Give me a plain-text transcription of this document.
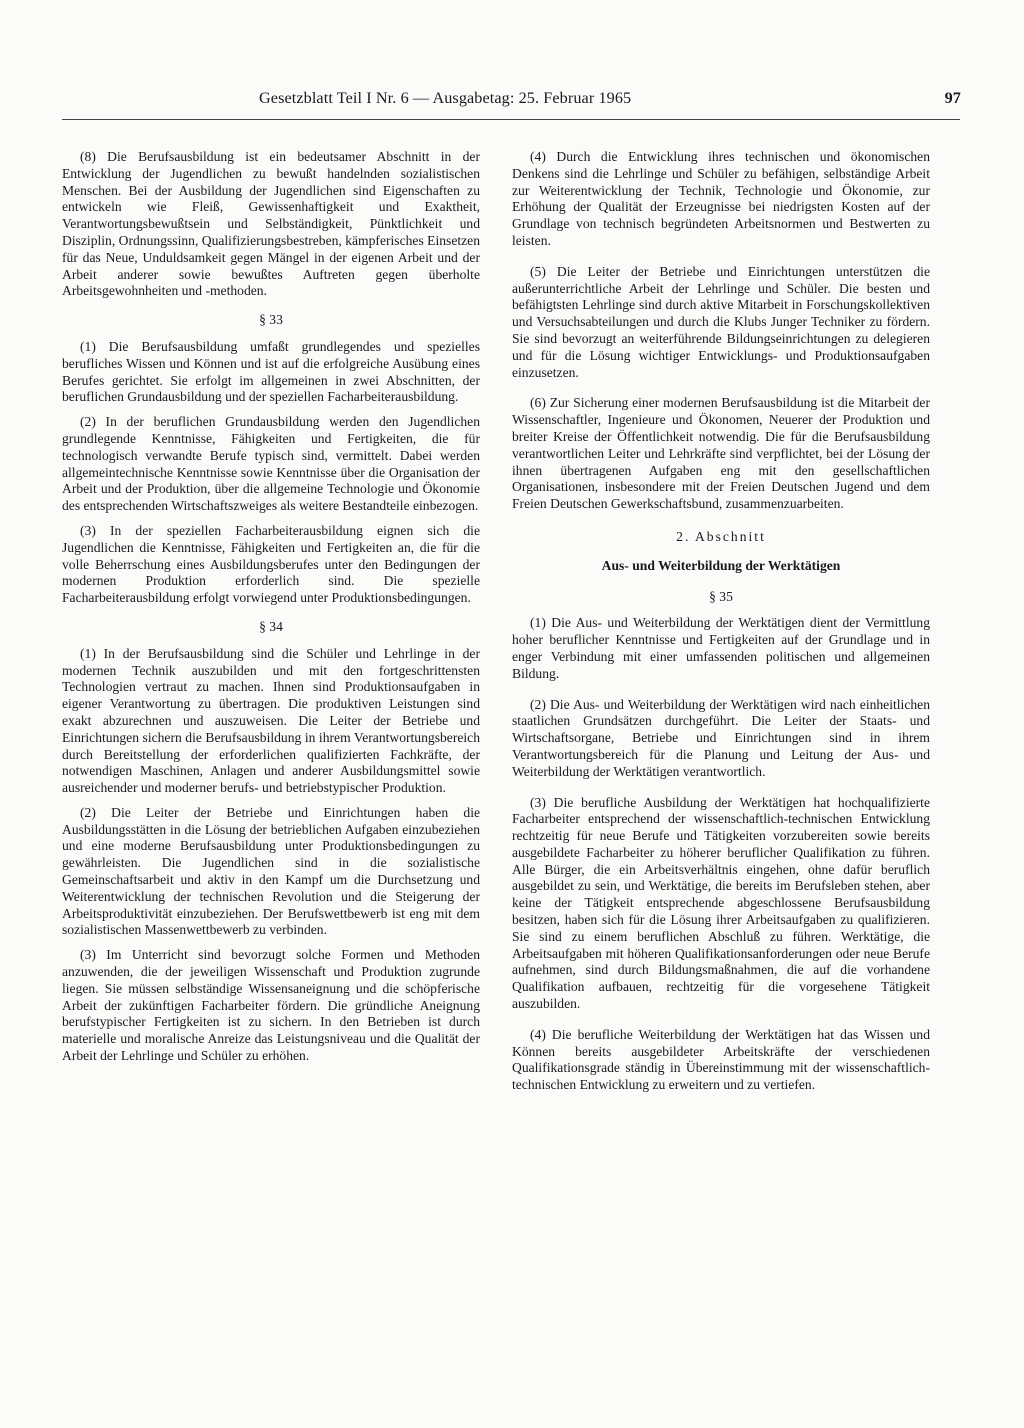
Gesetzblatt Teil I Nr. 6 — Ausgabetag: 25. Februar 1965	97

(8) Die Berufsausbildung ist ein bedeutsamer Abschnitt in der Entwicklung der Jugendlichen zu bewußt handelnden sozialistischen Menschen. Bei der Ausbildung der Jugendlichen sind Eigenschaften zu entwickeln wie Fleiß, Gewissenhaftigkeit und Exaktheit, Verantwortungsbewußtsein und Selbständigkeit, Pünktlichkeit und Disziplin, Ordnungssinn, Qualifizierungsbestreben, kämpferisches Einsetzen für das Neue, Unduldsamkeit gegen Mängel in der eigenen Arbeit und der Arbeit anderer sowie bewußtes Auftreten gegen überholte Arbeitsgewohnheiten und -methoden.

§ 33

(1) Die Berufsausbildung umfaßt grundlegendes und spezielles berufliches Wissen und Können und ist auf die erfolgreiche Ausübung eines Berufes gerichtet. Sie erfolgt im allgemeinen in zwei Abschnitten, der beruflichen Grundausbildung und der speziellen Facharbeiterausbildung.

(2) In der beruflichen Grundausbildung werden den Jugendlichen grundlegende Kenntnisse, Fähigkeiten und Fertigkeiten, die für technologisch verwandte Berufe typisch sind, vermittelt. Dabei werden allgemeintechnische Kenntnisse sowie Kenntnisse über die Organisation der Arbeit und der Produktion, über die allgemeine Technologie und Ökonomie des entsprechenden Wirtschaftszweiges als weitere Bestandteile einbezogen.

(3) In der speziellen Facharbeiterausbildung eignen sich die Jugendlichen die Kenntnisse, Fähigkeiten und Fertigkeiten an, die für die volle Beherrschung eines Ausbildungsberufes unter den Bedingungen der modernen Produktion erforderlich sind. Die spezielle Facharbeiterausbildung erfolgt vorwiegend unter Produktionsbedingungen.

§ 34

(1) In der Berufsausbildung sind die Schüler und Lehrlinge in der modernen Technik auszubilden und mit den fortgeschrittensten Technologien vertraut zu machen. Ihnen sind Produktionsaufgaben in eigener Verantwortung zu übertragen. Die produktiven Leistungen sind exakt abzurechnen und auszuweisen. Die Leiter der Betriebe und Einrichtungen sichern die Berufsausbildung in ihrem Verantwortungsbereich durch Bereitstellung der erforderlichen qualifizierten Fachkräfte, der notwendigen Maschinen, Anlagen und anderer Ausbildungsmittel sowie ausreichender und moderner berufs- und betriebstypischer Produktion.

(2) Die Leiter der Betriebe und Einrichtungen haben die Ausbildungsstätten in die Lösung der betrieblichen Aufgaben einzubeziehen und eine moderne Berufsausbildung unter Produktionsbedingungen zu gewährleisten. Die Jugendlichen sind in die sozialistische Gemeinschaftsarbeit und aktiv in den Kampf um die Durchsetzung und Weiterentwicklung der technischen Revolution und die Steigerung der Arbeitsproduktivität einzubeziehen. Der Berufswettbewerb ist eng mit dem sozialistischen Massenwettbewerb zu verbinden.

(3) Im Unterricht sind bevorzugt solche Formen und Methoden anzuwenden, die der jeweiligen Wissenschaft und Produktion zugrunde liegen. Sie müssen selbständige Wissensaneignung und die schöpferische Arbeit der zukünftigen Facharbeiter fördern. Die gründliche Aneignung berufstypischer Fertigkeiten ist zu sichern. In den Betrieben ist durch materielle und moralische Anreize das Leistungsniveau und die Qualität der Arbeit der Lehrlinge und Schüler zu erhöhen.

(4) Durch die Entwicklung ihres technischen und ökonomischen Denkens sind die Lehrlinge und Schüler zu befähigen, selbständige Arbeit zur Weiterentwicklung der Technik, Technologie und Ökonomie, zur Erhöhung der Qualität der Erzeugnisse bei niedrigsten Kosten auf der Grundlage von technisch begründeten Arbeitsnormen und Bestwerten zu leisten.

(5) Die Leiter der Betriebe und Einrichtungen unterstützen die außerunterrichtliche Arbeit der Lehrlinge und Schüler. Die besten und befähigtsten Lehrlinge sind durch aktive Mitarbeit in Forschungskollektiven und Versuchsabteilungen und durch die Klubs Junger Techniker zu fördern. Sie sind bevorzugt an weiterführende Bildungseinrichtungen zu delegieren und für die Lösung wichtiger Entwicklungs- und Produktionsaufgaben einzusetzen.

(6) Zur Sicherung einer modernen Berufsausbildung ist die Mitarbeit der Wissenschaftler, Ingenieure und Ökonomen, Neuerer der Produktion und breiter Kreise der Öffentlichkeit notwendig. Die für die Berufsausbildung verantwortlichen Leiter und Lehrkräfte sind verpflichtet, bei der Lösung der ihnen übertragenen Aufgaben eng mit den gesellschaftlichen Organisationen, insbesondere mit der Freien Deutschen Jugend und dem Freien Deutschen Gewerkschaftsbund, zusammenzuarbeiten.

2. Abschnitt
Aus- und Weiterbildung der Werktätigen
§ 35

(1) Die Aus- und Weiterbildung der Werktätigen dient der Vermittlung hoher beruflicher Kenntnisse und Fertigkeiten auf der Grundlage und in enger Verbindung mit einer umfassenden politischen und allgemeinen Bildung.

(2) Die Aus- und Weiterbildung der Werktätigen wird nach einheitlichen staatlichen Grundsätzen durchgeführt. Die Leiter der Staats- und Wirtschaftsorgane, Betriebe und Einrichtungen sind in ihrem Verantwortungsbereich für die Planung und Leitung der Aus- und Weiterbildung der Werktätigen verantwortlich.

(3) Die berufliche Ausbildung der Werktätigen hat hochqualifizierte Facharbeiter entsprechend der wissenschaftlich-technischen Entwicklung rechtzeitig für neue Berufe und Tätigkeiten vorzubereiten sowie bereits ausgebildete Facharbeiter zu höherer beruflicher Qualifikation zu führen. Alle Bürger, die ein Arbeitsverhältnis eingehen, ohne dafür beruflich ausgebildet zu sein, und Werktätige, die bereits im Berufsleben stehen, aber keine der Tätigkeit entsprechende abgeschlossene Berufsausbildung besitzen, haben sich für die Lösung ihrer Arbeitsaufgaben zu qualifizieren. Sie sind zu einem beruflichen Abschluß zu führen. Werktätige, die Arbeitsaufgaben mit höheren Qualifikationsanforderungen oder neue Berufe aufnehmen, sind durch Bildungsmaßnahmen, die auf die vorhandene Qualifikation aufbauen, rechtzeitig für die vorgesehene Tätigkeit auszubilden.

(4) Die berufliche Weiterbildung der Werktätigen hat das Wissen und Können bereits ausgebildeter Arbeitskräfte der verschiedenen Qualifikationsgrade ständig in Übereinstimmung mit der wissenschaftlich-technischen Entwicklung zu erweitern und zu vertiefen.
